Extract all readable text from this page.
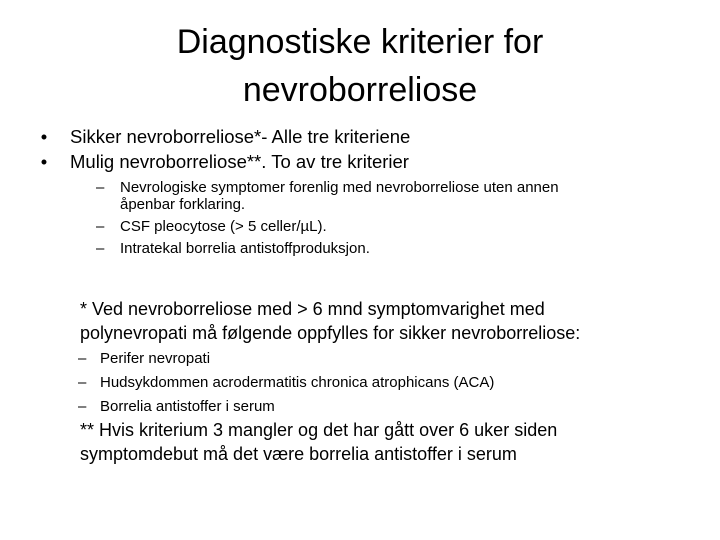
Diagnostiske kriterier for
nevroborreliose
•	Sikker nevroborreliose*- Alle tre kriteriene
•	Mulig nevroborreliose**. To av tre kriterier
– Nevrologiske symptomer forenlig med nevroborreliose uten annen
åpenbar forklaring.
– CSF pleocytose (> 5 celler/µL).
– Intratekal borrelia antistoffproduksjon.
* Ved nevroborreliose med > 6 mnd symptomvarighet med
polynevropati må følgende oppfylles for sikker nevroborreliose:
– Perifer nevropati
– Hudsykdommen acrodermatitis chronica atrophicans (ACA)
– Borrelia antistoffer i serum
** Hvis kriterium 3 mangler og det har gått over 6 uker siden
symptomdebut må det være borrelia antistoffer i serum
